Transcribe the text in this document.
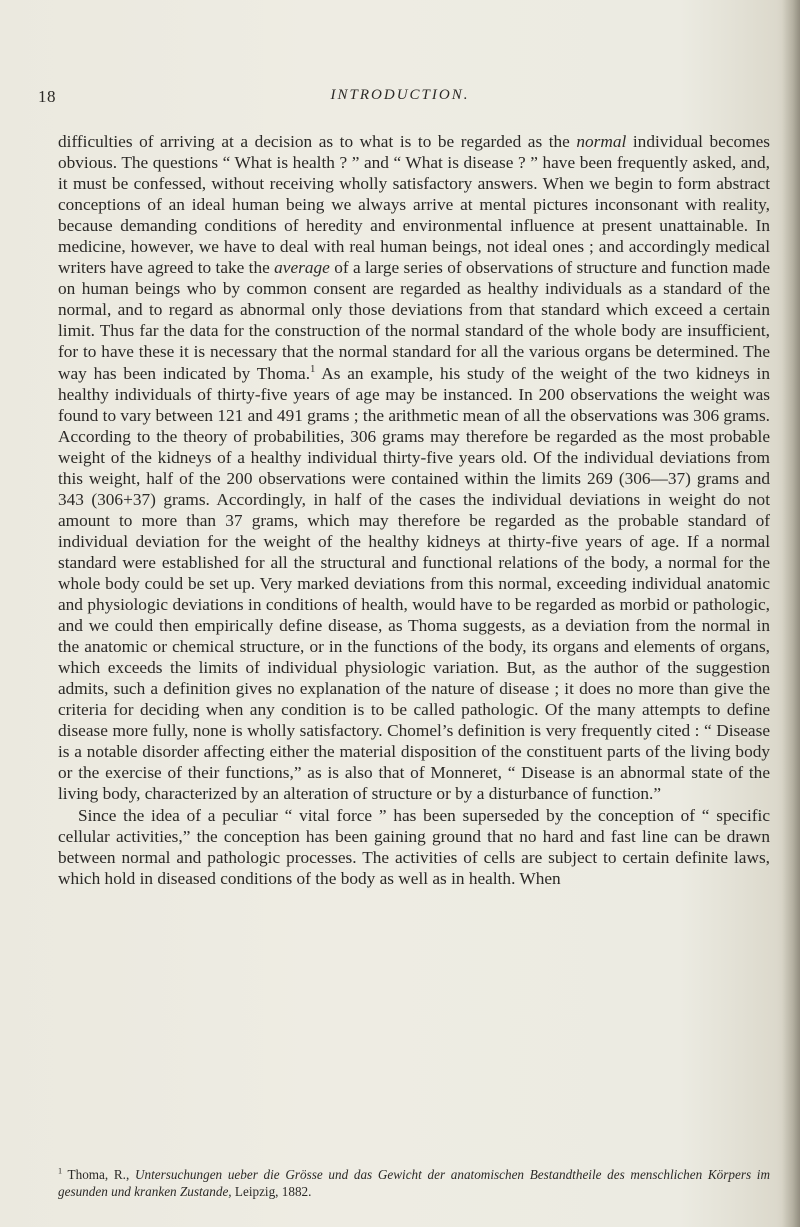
18	INTRODUCTION.

difficulties of arriving at a decision as to what is to be regarded as the normal individual becomes obvious. The questions “ What is health ? ” and “ What is disease ? ” have been frequently asked, and, it must be confessed, without receiving wholly satisfactory answers. When we begin to form abstract conceptions of an ideal human being we always arrive at mental pictures inconsonant with reality, because demanding conditions of heredity and environmental influence at present unattainable. In medicine, however, we have to deal with real human beings, not ideal ones ; and accordingly medical writers have agreed to take the average of a large series of observations of structure and function made on human beings who by common consent are regarded as healthy individuals as a standard of the normal, and to regard as abnormal only those deviations from that standard which exceed a certain limit. Thus far the data for the construction of the normal standard of the whole body are insufficient, for to have these it is necessary that the normal standard for all the various organs be determined. The way has been indicated by Thoma.$^1$ As an example, his study of the weight of the two kidneys in healthy individuals of thirty-five years of age may be instanced. In 200 observations the weight was found to vary between 121 and 491 grams ; the arithmetic mean of all the observations was 306 grams. According to the theory of probabilities, 306 grams may therefore be regarded as the most probable weight of the kidneys of a healthy individual thirty-five years old. Of the individual deviations from this weight, half of the 200 observations were contained within the limits 269 (306—37) grams and 343 (306+37) grams. Accordingly, in half of the cases the individual deviations in weight do not amount to more than 37 grams, which may therefore be regarded as the probable standard of individual deviation for the weight of the healthy kidneys at thirty-five years of age. If a normal standard were established for all the structural and functional relations of the body, a normal for the whole body could be set up. Very marked deviations from this normal, exceeding individual anatomic and physiologic deviations in conditions of health, would have to be regarded as morbid or pathologic, and we could then empirically define disease, as Thoma suggests, as a deviation from the normal in the anatomic or chemical structure, or in the functions of the body, its organs and elements of organs, which exceeds the limits of individual physiologic variation. But, as the author of the suggestion admits, such a definition gives no explanation of the nature of disease ; it does no more than give the criteria for deciding when any condition is to be called pathologic. Of the many attempts to define disease more fully, none is wholly satisfactory. Chomel’s definition is very frequently cited : “ Disease is a notable disorder affecting either the material disposition of the constituent parts of the living body or the exercise of their functions,” as is also that of Monneret, “ Disease is an abnormal state of the living body, characterized by an alteration of structure or by a disturbance of function.”

Since the idea of a peculiar “ vital force ” has been superseded by the conception of “ specific cellular activities,” the conception has been gaining ground that no hard and fast line can be drawn between normal and pathologic processes. The activities of cells are subject to certain definite laws, which hold in diseased conditions of the body as well as in health. When

$^1$ Thoma, R., Untersuchungen ueber die Grösse und das Gewicht der anatomischen Bestandtheile des menschlichen Körpers im gesunden und kranken Zustande, Leipzig, 1882.
